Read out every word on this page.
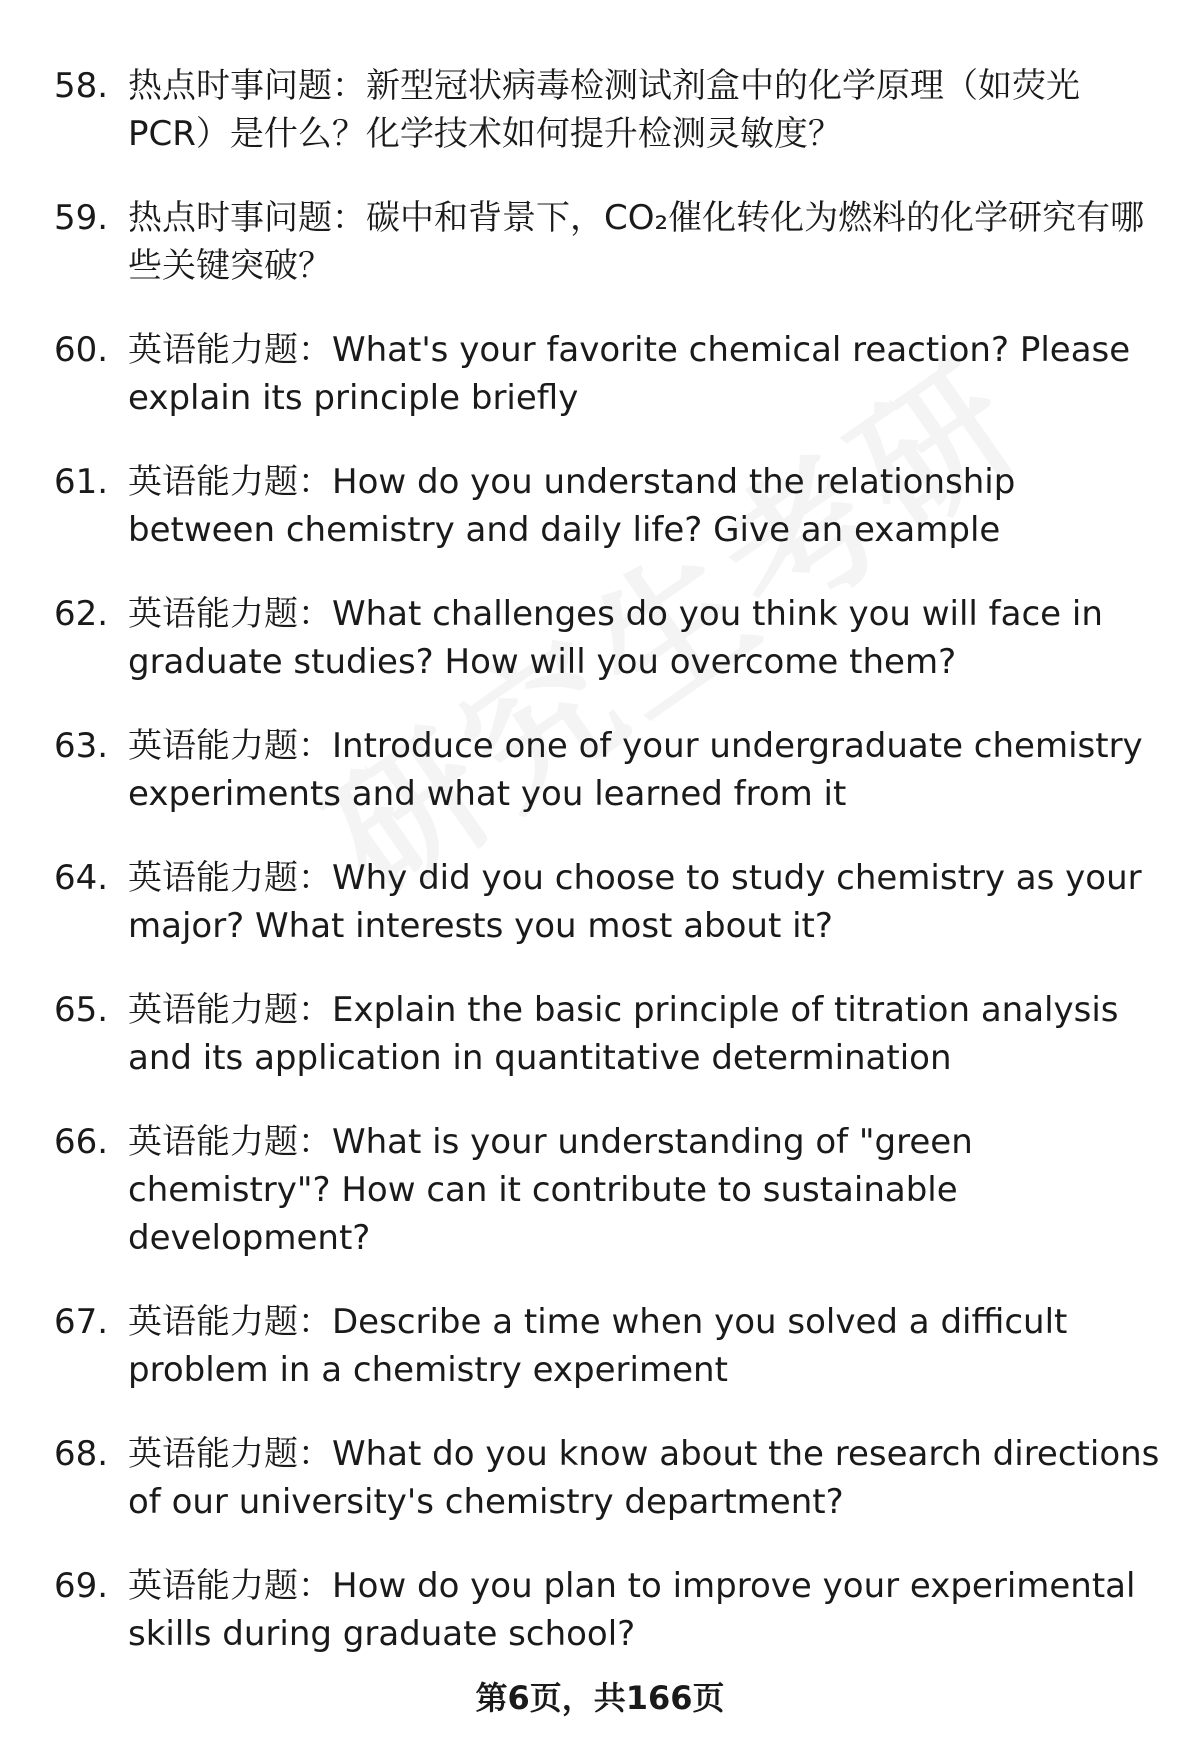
58. 热点时事问题：新型冠状病毒检测试剂盒中的化学原理（如荧光PCR）是什么？化学技术如何提升检测灵敏度？
59. 热点时事问题：碳中和背景下，CO₂催化转化为燃料的化学研究有哪些关键突破？
60. 英语能力题：What's your favorite chemical reaction? Please explain its principle briefly
61. 英语能力题：How do you understand the relationship between chemistry and daily life? Give an example
62. 英语能力题：What challenges do you think you will face in graduate studies? How will you overcome them?
63. 英语能力题：Introduce one of your undergraduate chemistry experiments and what you learned from it
64. 英语能力题：Why did you choose to study chemistry as your major? What interests you most about it?
65. 英语能力题：Explain the basic principle of titration analysis and its application in quantitative determination
66. 英语能力题：What is your understanding of "green chemistry"? How can it contribute to sustainable development?
67. 英语能力题：Describe a time when you solved a difficult problem in a chemistry experiment
68. 英语能力题：What do you know about the research directions of our university's chemistry department?
69. 英语能力题：How do you plan to improve your experimental skills during graduate school?
第6页，共166页
